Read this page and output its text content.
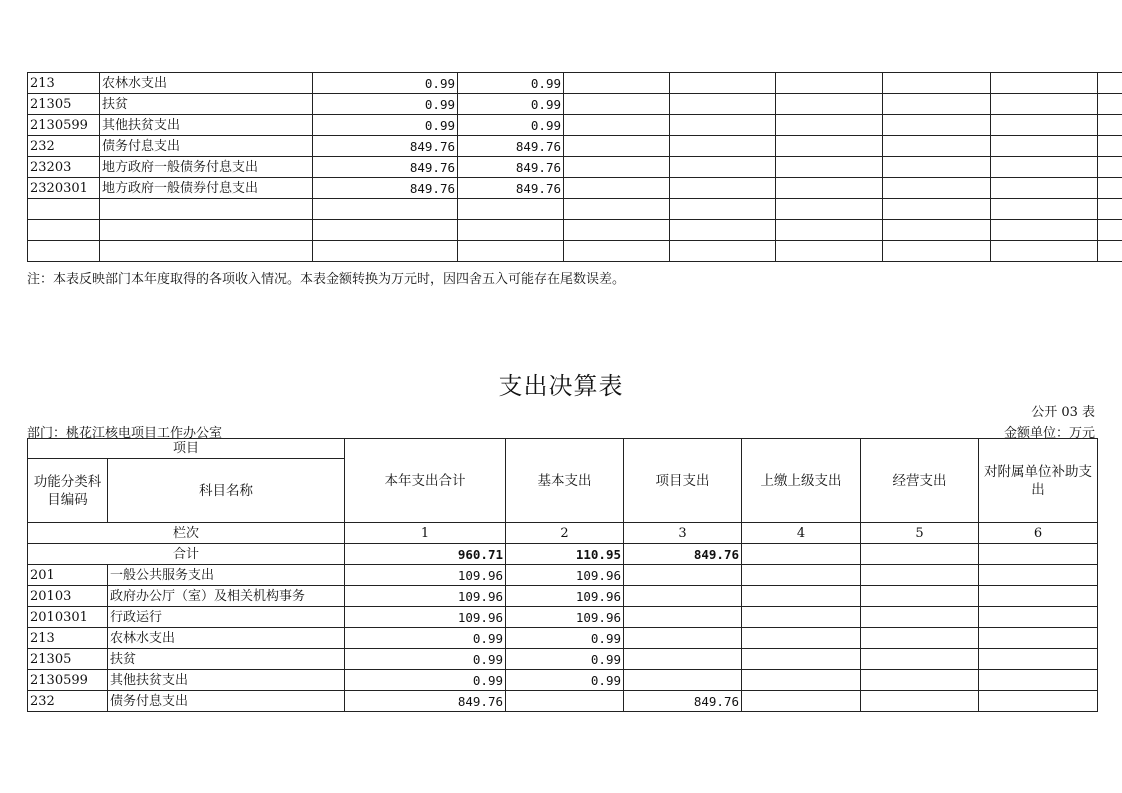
213	农林水支出	0.99	0.99						
21305	扶贫	0.99	0.99						
2130599	其他扶贫支出	0.99	0.99						
232	债务付息支出	849.76	849.76						
23203	地方政府一般债务付息支出	849.76	849.76						
2320301	地方政府一般债券付息支出	849.76	849.76						

注：本表反映部门本年度取得的各项收入情况。本表金额转换为万元时，因四舍五入可能存在尾数误差。
支出决算表
公开 03 表
部门：桃花江核电项目工作办公室	金额单位：万元
项目		本年支出合计	基本支出	项目支出	上缴上级支出	经营支出	对附属单位补助支出
功能分类科目编码	科目名称						
栏次		1	2	3	4	5	6
合计		960.71	110.95	849.76			
201	一般公共服务支出	109.96	109.96				
20103	政府办公厅（室）及相关机构事务	109.96	109.96				
2010301	行政运行	109.96	109.96				
213	农林水支出	0.99	0.99				
21305	扶贫	0.99	0.99				
2130599	其他扶贫支出	0.99	0.99				
232	债务付息支出	849.76		849.76			
